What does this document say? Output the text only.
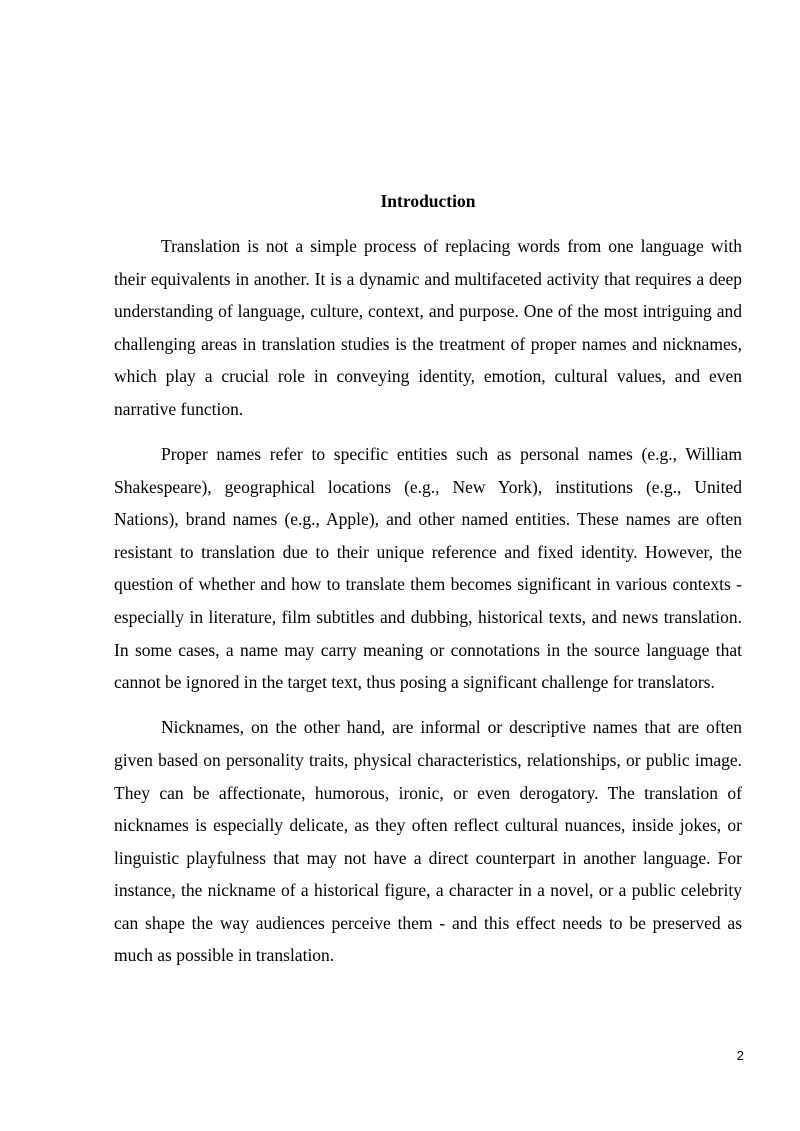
Introduction

Translation is not a simple process of replacing words from one language with their equivalents in another. It is a dynamic and multifaceted activity that requires a deep understanding of language, culture, context, and purpose. One of the most intriguing and challenging areas in translation studies is the treatment of proper names and nicknames, which play a crucial role in conveying identity, emotion, cultural values, and even narrative function.

Proper names refer to specific entities such as personal names (e.g., William Shakespeare), geographical locations (e.g., New York), institutions (e.g., United Nations), brand names (e.g., Apple), and other named entities. These names are often resistant to translation due to their unique reference and fixed identity. However, the question of whether and how to translate them becomes significant in various contexts - especially in literature, film subtitles and dubbing, historical texts, and news translation. In some cases, a name may carry meaning or connotations in the source language that cannot be ignored in the target text, thus posing a significant challenge for translators.

Nicknames, on the other hand, are informal or descriptive names that are often given based on personality traits, physical characteristics, relationships, or public image. They can be affectionate, humorous, ironic, or even derogatory. The translation of nicknames is especially delicate, as they often reflect cultural nuances, inside jokes, or linguistic playfulness that may not have a direct counterpart in another language. For instance, the nickname of a historical figure, a character in a novel, or a public celebrity can shape the way audiences perceive them - and this effect needs to be preserved as much as possible in translation.

2
